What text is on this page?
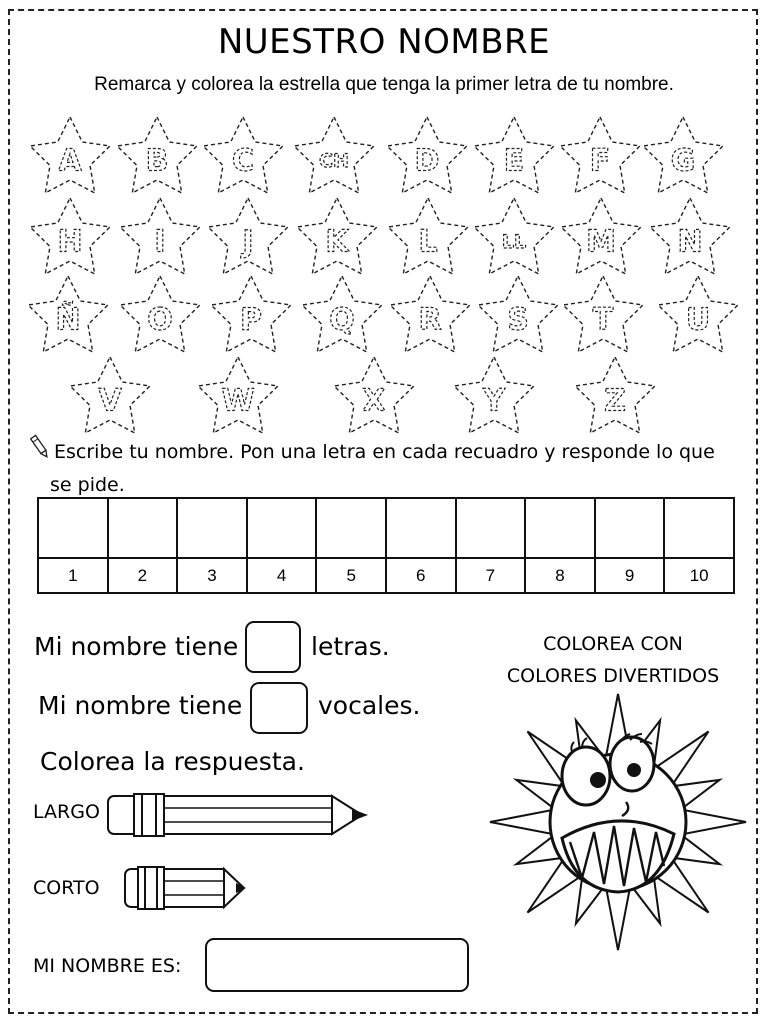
NUESTRO NOMBRE
Remarca y colorea la estrella que tenga la primer letra de tu nombre.
A B C	CH D E F G
H I	J K L	LL M N
Ñ O P Q R S T U
V	W	X	Y	Z
Escribe tu nombre. Pon una letra en cada recuadro y responde lo que
se pide.

1	2	3	4	5	6	7	8	9	10
Mi nombre tiene	letras.
Mi nombre tiene	vocales.
Colorea la respuesta.
LARGO
CORTO
COLOREA CON
COLORES DIVERTIDOS
MI NOMBRE ES:
